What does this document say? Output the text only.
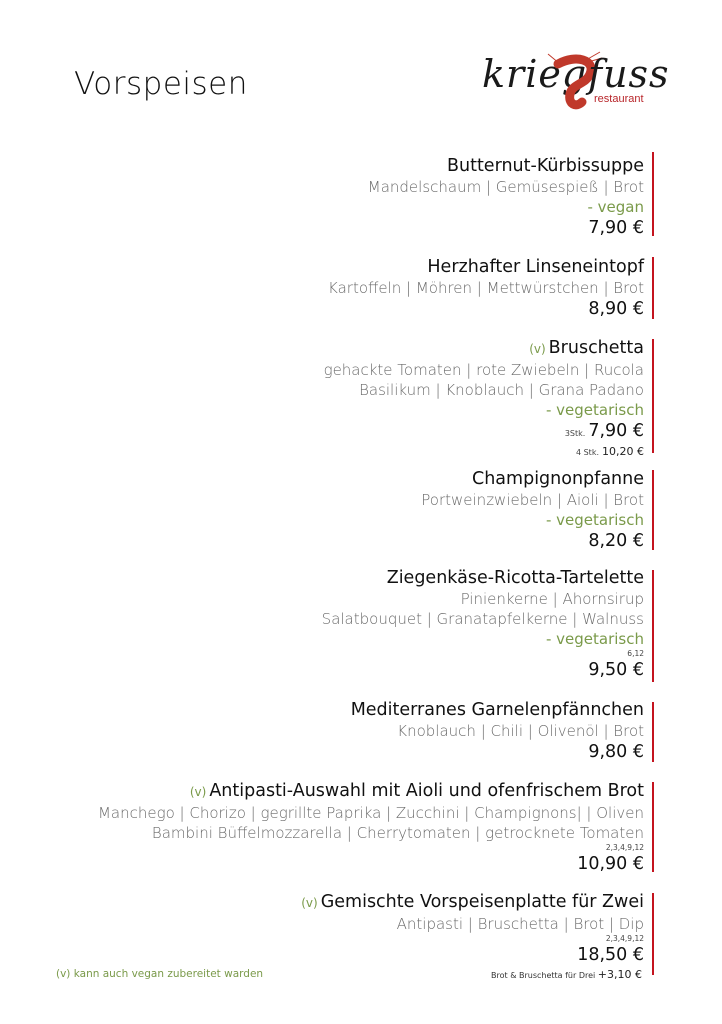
Vorspeisen	krieg fuss
restaurant
Butternut-Kürbissuppe
Mandelschaum | Gemüsespieß | Brot
- vegan
7,90 €
Herzhafter Linseneintopf
Kartoffeln | Möhren | Mettwürstchen | Brot
8,90 €
(v) Bruschetta
gehackte Tomaten | rote Zwiebeln | Rucola
Basilikum | Knoblauch | Grana Padano
- vegetarisch
3Stk. 7,90 €
4 Stk. 10,20 €
Champignonpfanne
Portweinzwiebeln | Aioli | Brot
- vegetarisch
8,20 €
Ziegenkäse-Ricotta-Tartelette
Pinienkerne | Ahornsirup
Salatbouquet | Granatapfelkerne | Walnuss
- vegetarisch
6,12
9,50 €
Mediterranes Garnelenpfännchen
Knoblauch | Chili | Olivenöl | Brot
9,80 €
(v) Antipasti-Auswahl mit Aioli und ofenfrischem Brot
Manchego | Chorizo | gegrillte Paprika | Zucchini | Champignons| | Oliven
Bambini Büffelmozzarella | Cherrytomaten | getrocknete Tomaten
2,3,4,9,12
10,90 €
(v) Gemischte Vorspeisenplatte für Zwei
Antipasti | Bruschetta | Brot | Dip
2,3,4,9,12
18,50 €
(v) kann auch vegan zubereitet warden	Brot & Bruschetta für Drei +3,10 €
